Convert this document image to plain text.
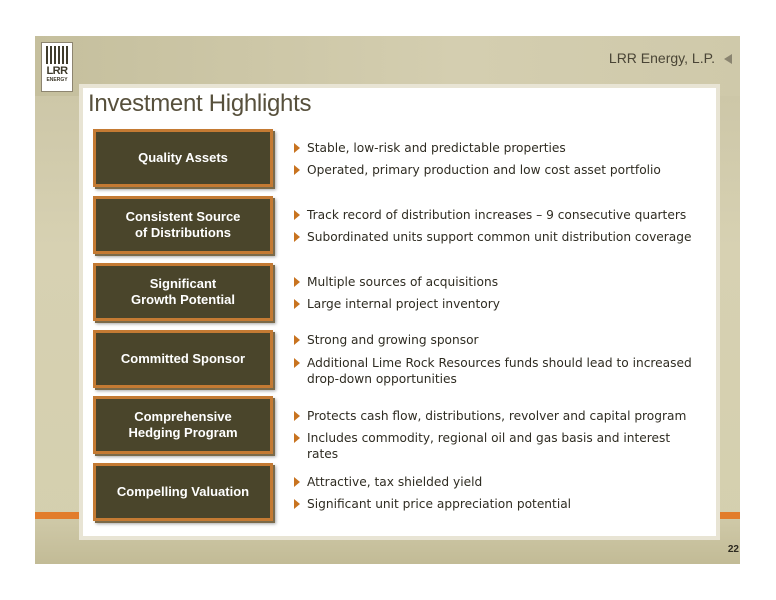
LRR
ENERGY
LRR Energy, L.P.
Investment Highlights
Quality Assets
Stable, low-risk and predictable properties
Operated, primary production and low cost asset portfolio
Consistent Source
of Distributions
Track record of distribution increases – 9 consecutive quarters
Subordinated units support common unit distribution coverage
Significant
Growth Potential
Multiple sources of acquisitions
Large internal project inventory
Committed Sponsor
Strong and growing sponsor
Additional Lime Rock Resources funds should lead to increased drop-down opportunities
Comprehensive
Hedging Program
Protects cash flow, distributions, revolver and capital program
Includes commodity, regional oil and gas basis and interest rates
Compelling Valuation
Attractive, tax shielded yield
Significant unit price appreciation potential
22
